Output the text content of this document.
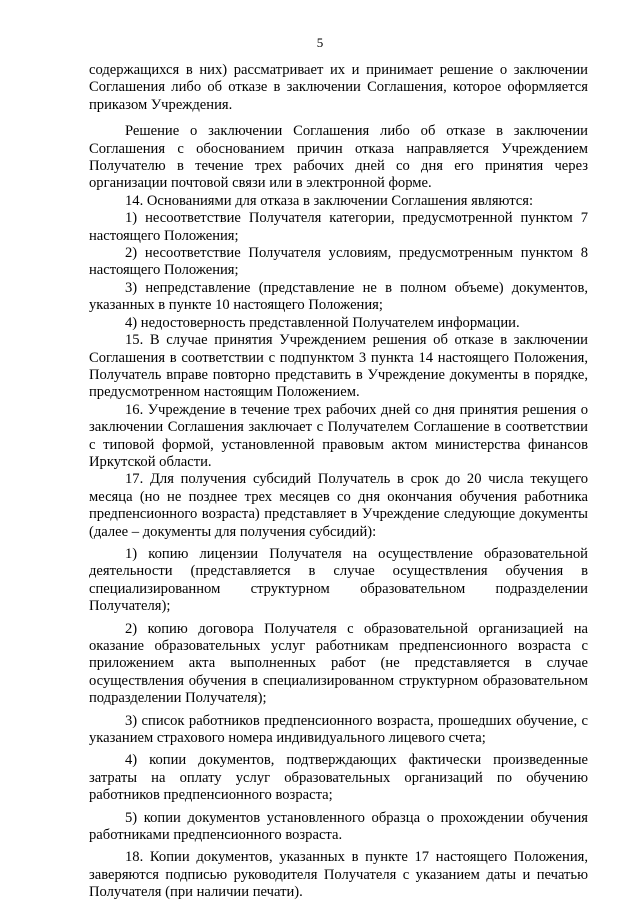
5

содержащихся в них) рассматривает их и принимает решение о заключении Соглашения либо об отказе в заключении Соглашения, которое оформляется приказом Учреждения.

Решение о заключении Соглашения либо об отказе в заключении Соглашения с обоснованием причин отказа направляется Учреждением Получателю в течение трех рабочих дней со дня его принятия через организации почтовой связи или в электронной форме.

14. Основаниями для отказа в заключении Соглашения являются:

1) несоответствие Получателя категории, предусмотренной пунктом 7 настоящего Положения;

2) несоответствие Получателя условиям, предусмотренным пунктом 8 настоящего Положения;

3) непредставление (представление не в полном объеме) документов, указанных в пункте 10 настоящего Положения;

4) недостоверность представленной Получателем информации.

15. В случае принятия Учреждением решения об отказе в заключении Соглашения в соответствии с подпунктом 3 пункта 14 настоящего Положения, Получатель вправе повторно представить в Учреждение документы в порядке, предусмотренном настоящим Положением.

16. Учреждение в течение трех рабочих дней со дня принятия решения о заключении Соглашения заключает с Получателем Соглашение в соответствии с типовой формой, установленной правовым актом министерства финансов Иркутской области.

17. Для получения субсидий Получатель в срок до 20 числа текущего месяца (но не позднее трех месяцев со дня окончания обучения работника предпенсионного возраста) представляет в Учреждение следующие документы (далее – документы для получения субсидий):

1) копию лицензии Получателя на осуществление образовательной деятельности (представляется в случае осуществления обучения в специализированном структурном образовательном подразделении Получателя);

2) копию договора Получателя с образовательной организацией на оказание образовательных услуг работникам предпенсионного возраста с приложением акта выполненных работ (не представляется в случае осуществления обучения в специализированном структурном образовательном подразделении Получателя);

3) список работников предпенсионного возраста, прошедших обучение, с указанием страхового номера индивидуального лицевого счета;

4) копии документов, подтверждающих фактически произведенные затраты на оплату услуг образовательных организаций по обучению работников предпенсионного возраста;

5) копии документов установленного образца о прохождении обучения работниками предпенсионного возраста.

18. Копии документов, указанных в пункте 17 настоящего Положения, заверяются подписью руководителя Получателя с указанием даты и печатью Получателя (при наличии печати).
